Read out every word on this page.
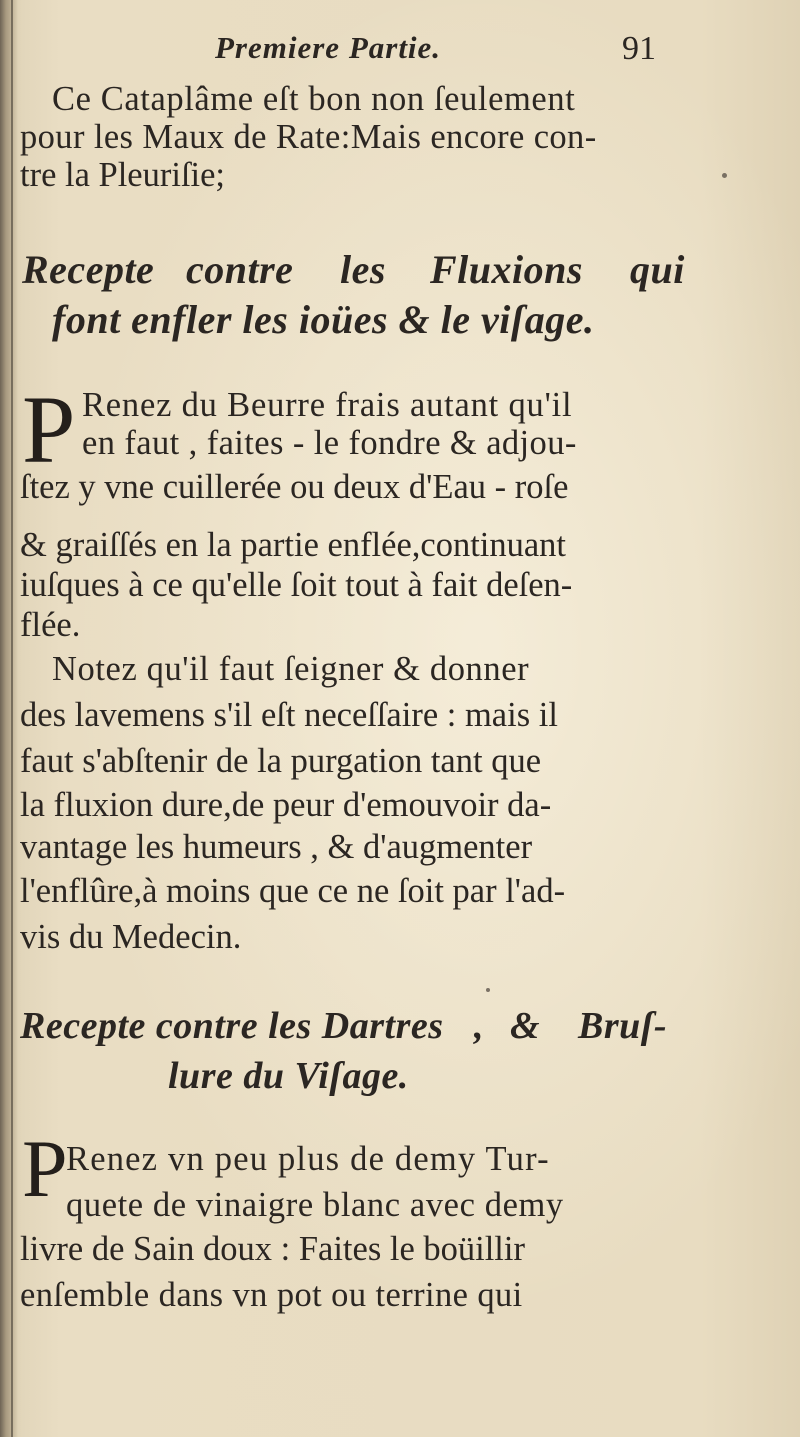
Premiere Partie.	91
Ce Catap⁠lâme eſt bon non ſeulement
pour les Maux de Rate:Mais encore con-
tre la Pleuriſie;
Recepte contre les Fluxions qui
font enfler les ioües & le viſage.
P Renez du Beurre frais autant qu'il
en faut , faites - le fondre & adjou-
ſtez y vne cuillerée ou deux d'Eau - roſe
& graiſſés en la partie enflée,continuant
iuſques à ce qu'elle ſoit tout à fait deſen-
flée.
Notez qu'il faut ſeigner & donner
des lavemens s'il eſt neceſſaire : mais il
faut s'abſtenir de la purgation tant que
la fluxion dure,de peur d'emouvoir da-
vantage les humeurs , & d'augmenter
l'enflûre,à moins que ce ne ſoit par l'ad-
vis du Medecin.
Recepte contre les Dartres , & Bruſ-
lure du Viſage.
P
Renez vn peu plus de demy Tur-
quete de vinaigre blanc avec demy
livre de Sain doux : Faites le boüillir
enſemble dans vn pot ou terrine qui
